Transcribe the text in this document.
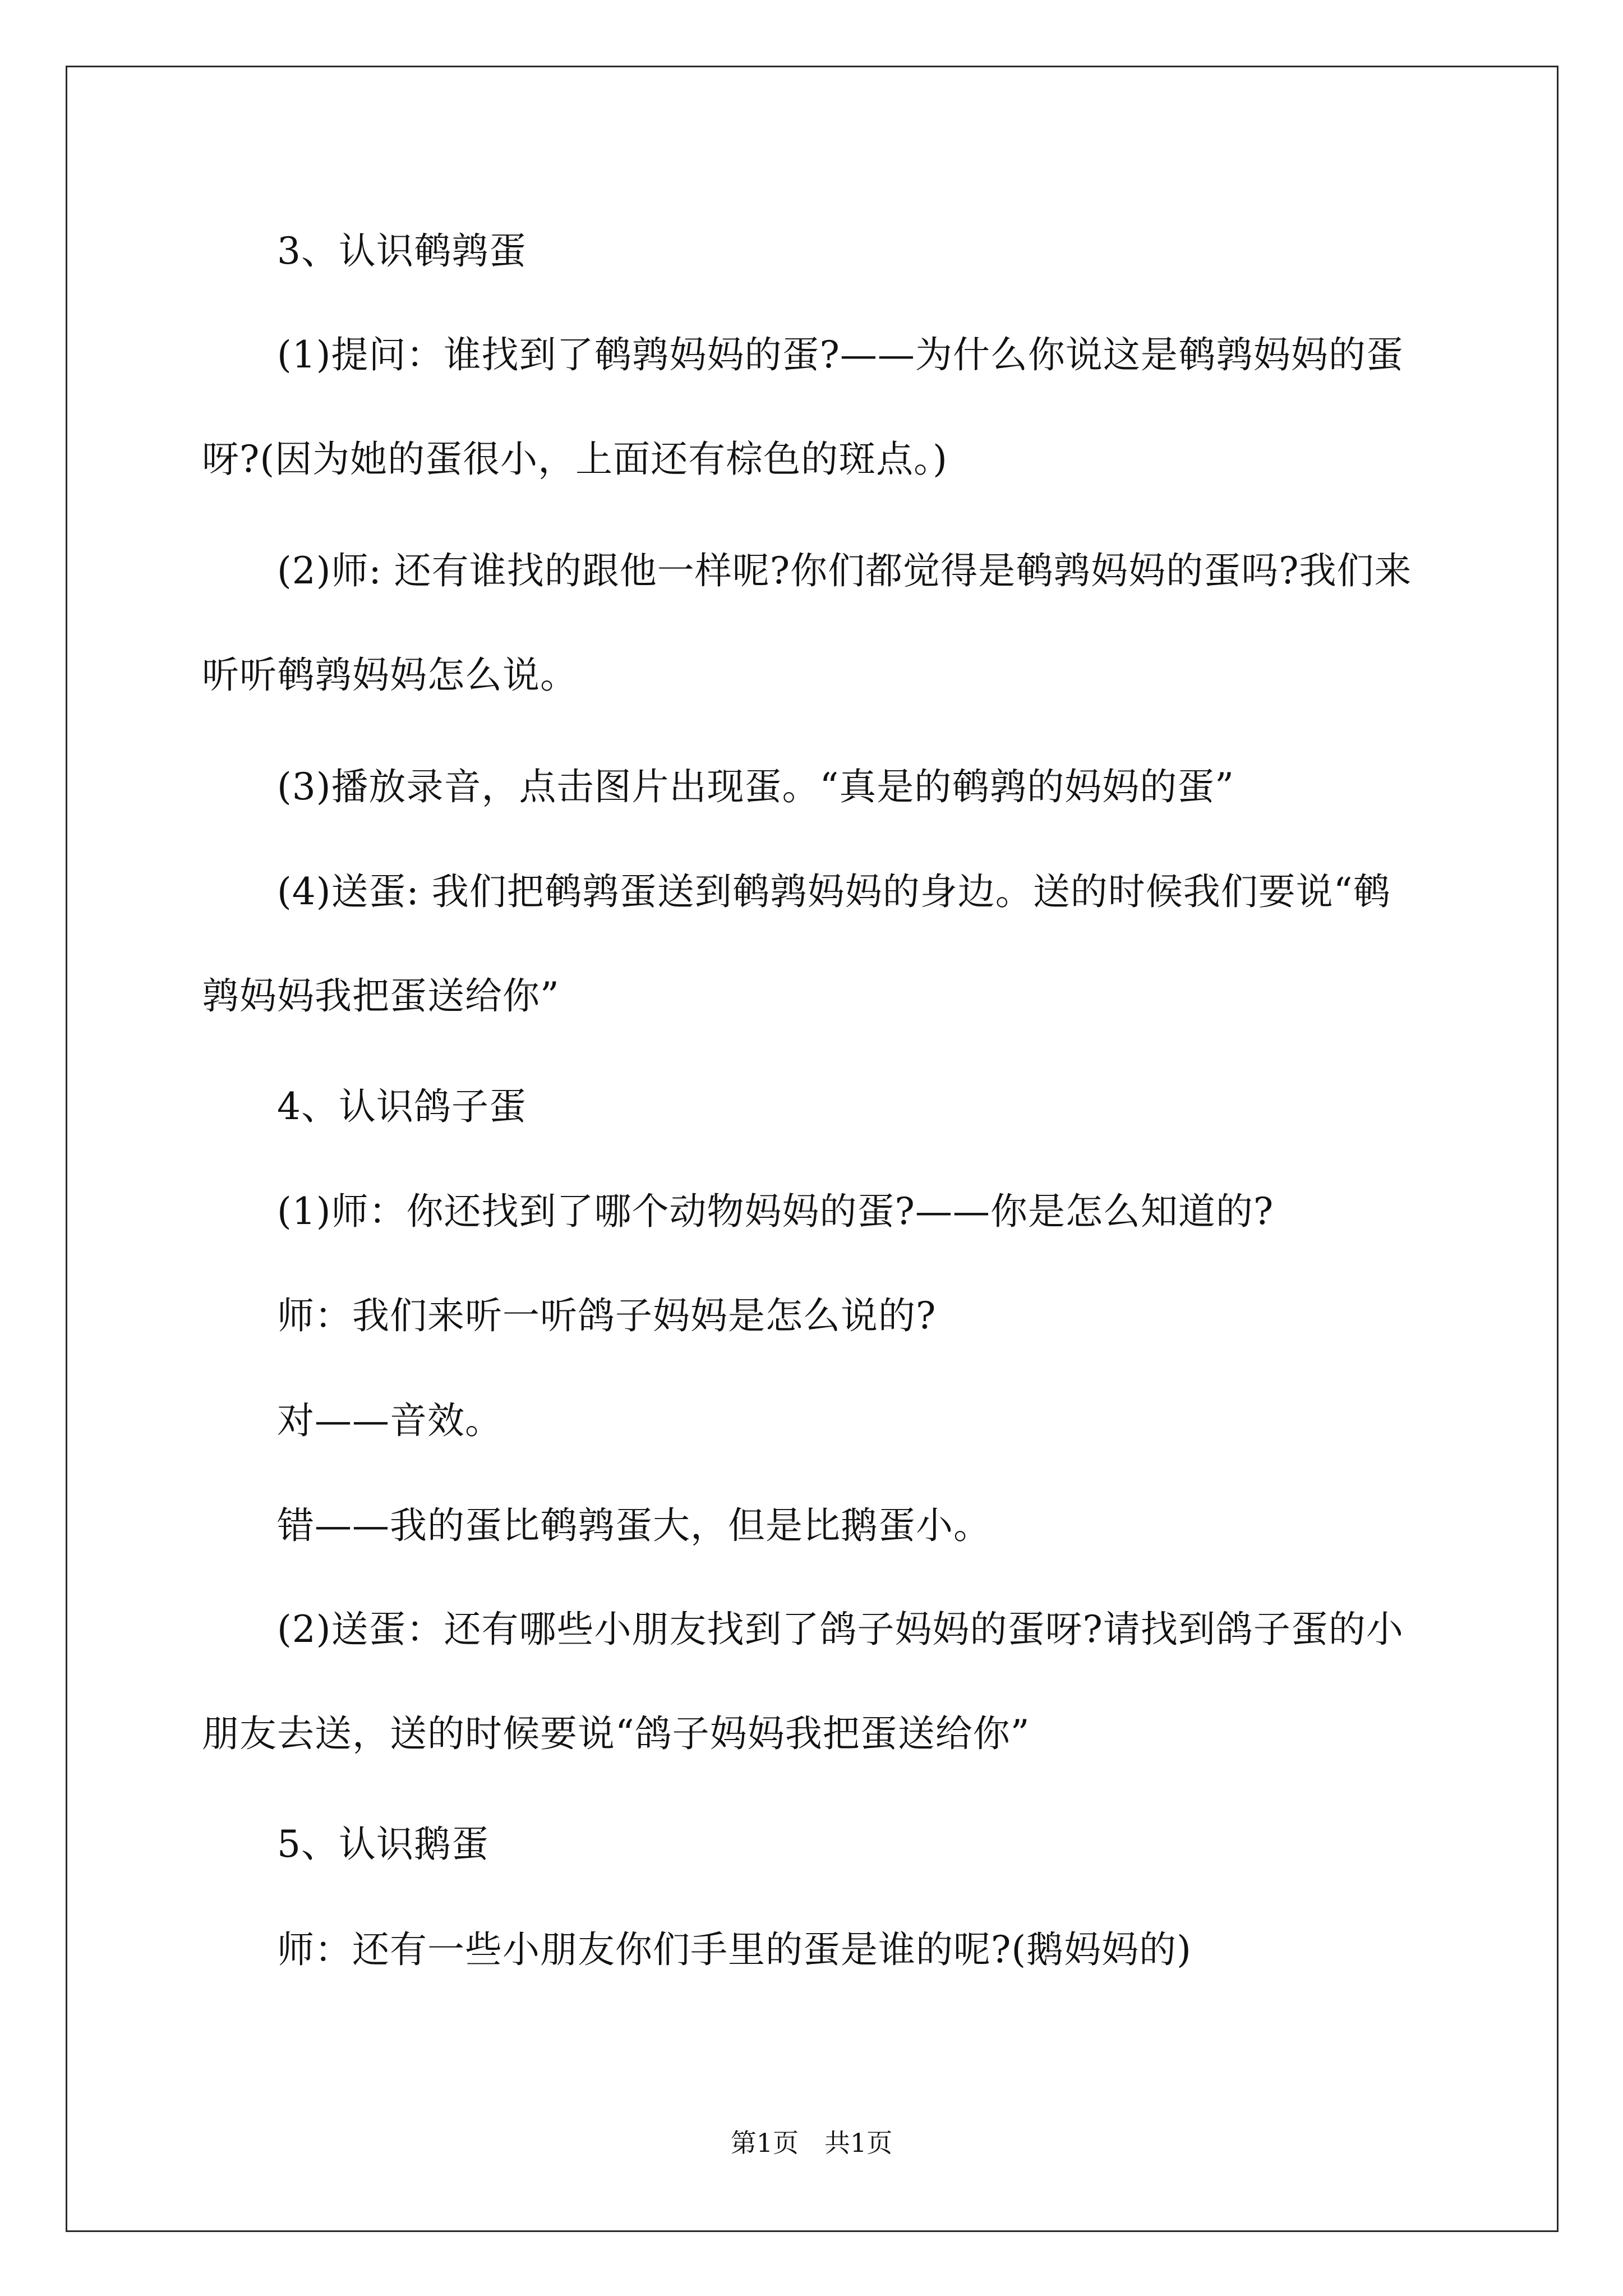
3、认识鹌鹑蛋
(1)提问：谁找到了鹌鹑妈妈的蛋?——为什么你说这是鹌鹑妈妈的蛋呀?(因为她的蛋很小，上面还有棕色的斑点。)
(2)师: 还有谁找的跟他一样呢?你们都觉得是鹌鹑妈妈的蛋吗?我们来听听鹌鹑妈妈怎么说。
(3)播放录音，点击图片出现蛋。“真是的鹌鹑的妈妈的蛋”
(4)送蛋: 我们把鹌鹑蛋送到鹌鹑妈妈的身边。送的时候我们要说“鹌鹑妈妈我把蛋送给你”
4、认识鸽子蛋
(1)师：你还找到了哪个动物妈妈的蛋?——你是怎么知道的?
师：我们来听一听鸽子妈妈是怎么说的?
对——音效。
错——我的蛋比鹌鹑蛋大，但是比鹅蛋小。
(2)送蛋：还有哪些小朋友找到了鸽子妈妈的蛋呀?请找到鸽子蛋的小朋友去送，送的时候要说“鸽子妈妈我把蛋送给你”
5、认识鹅蛋
师：还有一些小朋友你们手里的蛋是谁的呢?(鹅妈妈的)
第1页　共1页
